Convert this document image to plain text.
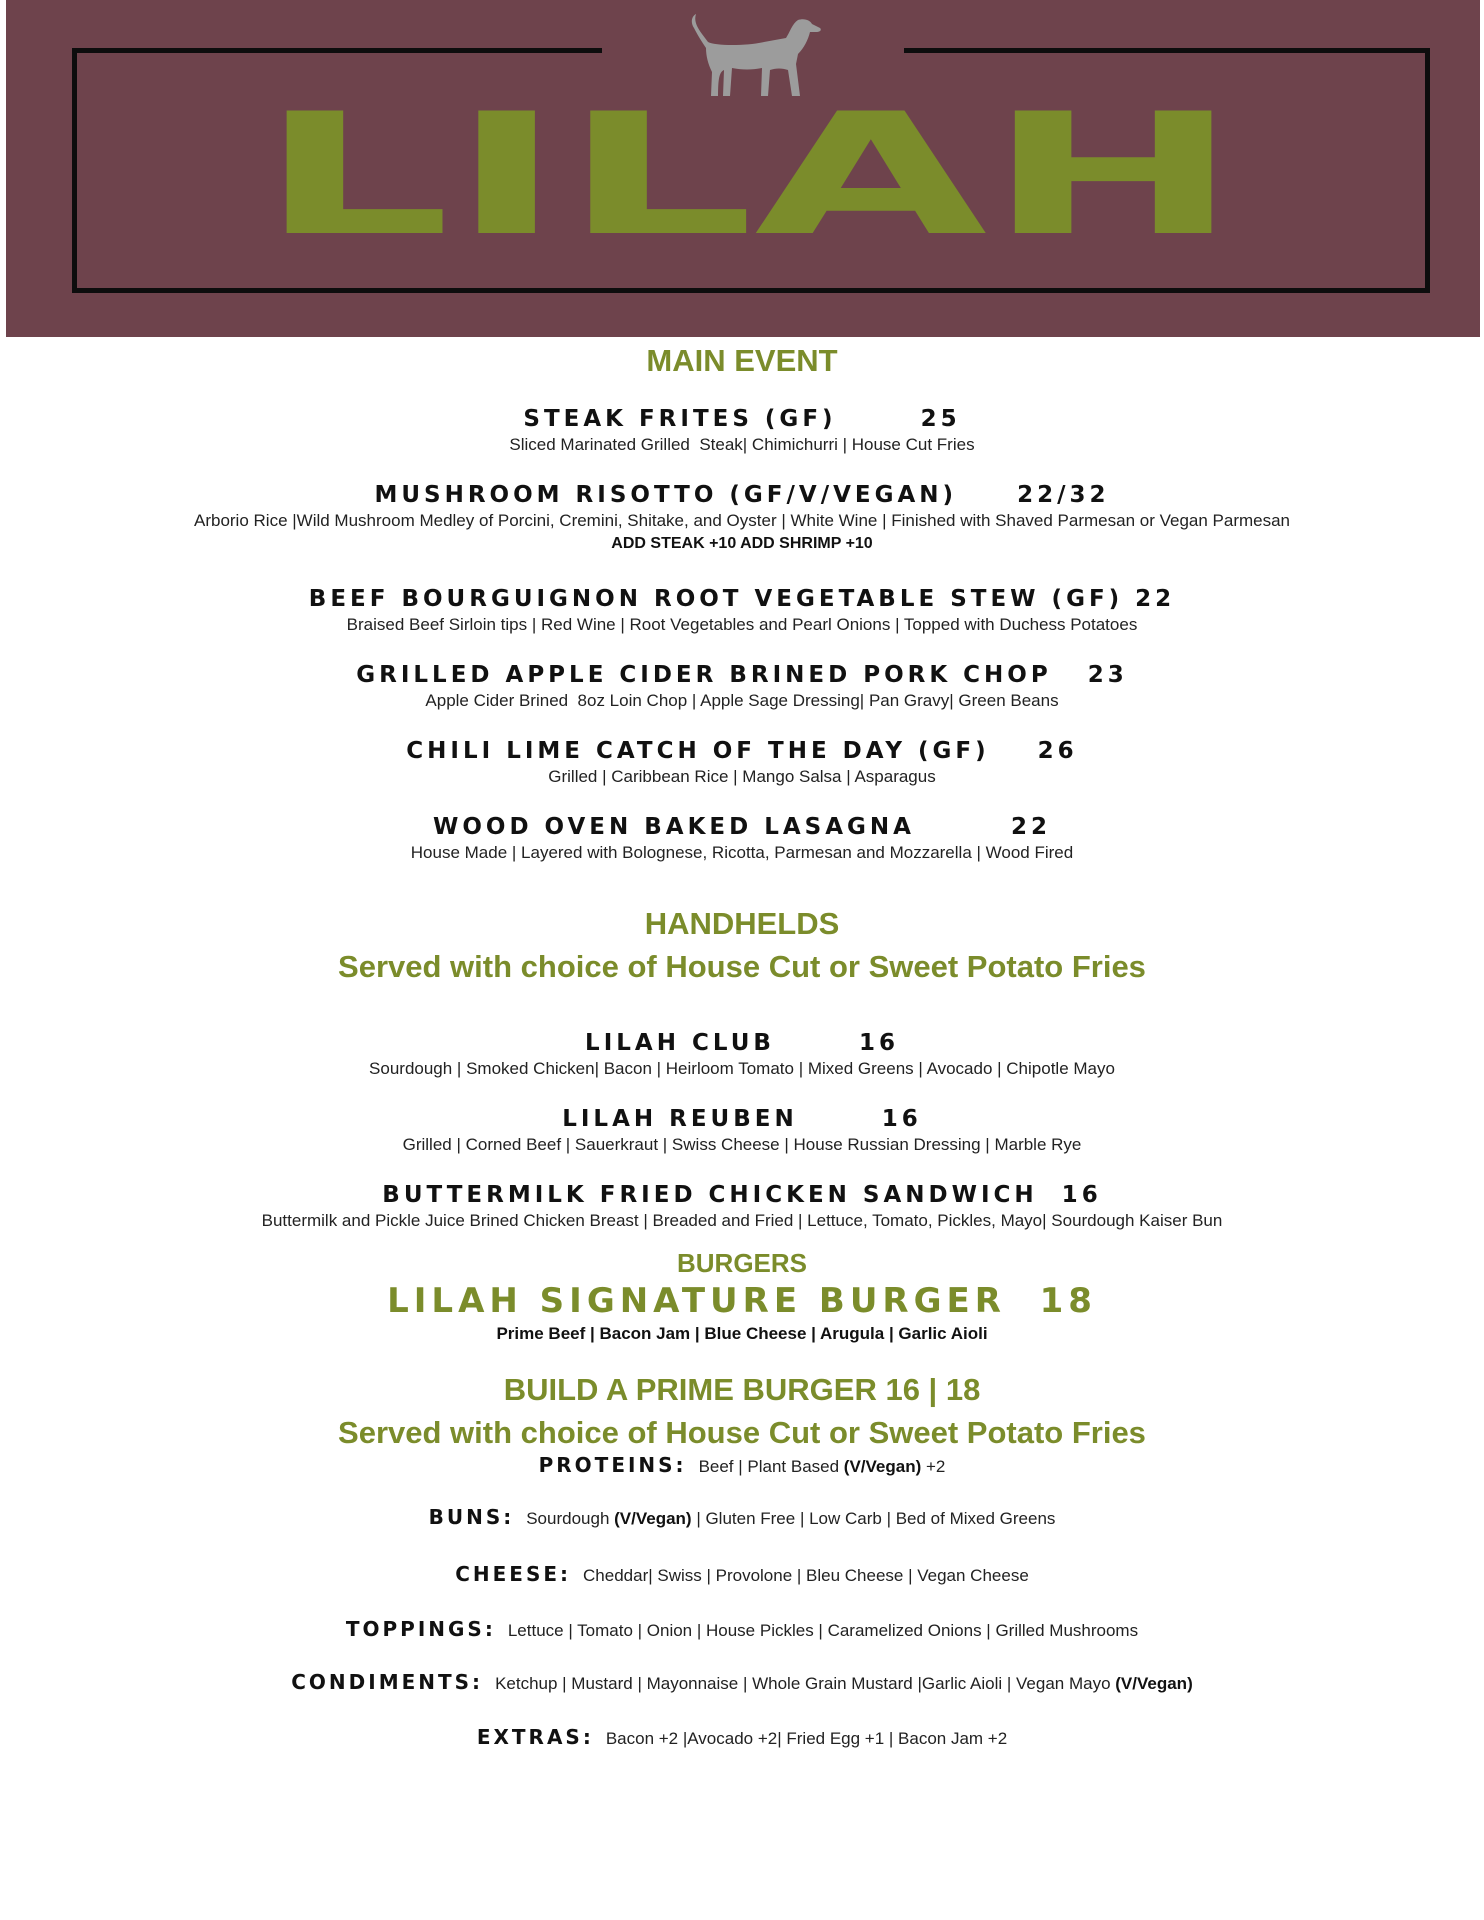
LILAH
MAIN EVENT

STEAK FRITES (GF)       25

Sliced Marinated Grilled  Steak| Chimichurri | House Cut Fries

MUSHROOM RISOTTO (GF/V/VEGAN)     22/32

Arborio Rice |Wild Mushroom Medley of Porcini, Cremini, Shitake, and Oyster | White Wine | Finished with Shaved Parmesan or Vegan Parmesan

ADD STEAK +10 ADD SHRIMP +10

BEEF BOURGUIGNON ROOT VEGETABLE STEW (GF) 22

Braised Beef Sirloin tips | Red Wine | Root Vegetables and Pearl Onions | Topped with Duchess Potatoes

GRILLED APPLE CIDER BRINED PORK CHOP   23

Apple Cider Brined  8oz Loin Chop | Apple Sage Dressing| Pan Gravy| Green Beans

CHILI LIME CATCH OF THE DAY (GF)    26

Grilled | Caribbean Rice | Mango Salsa | Asparagus

WOOD OVEN BAKED LASAGNA        22

House Made | Layered with Bolognese, Ricotta, Parmesan and Mozzarella | Wood Fired

HANDHELDS
Served with choice of House Cut or Sweet Potato Fries

LILAH CLUB       16

Sourdough | Smoked Chicken| Bacon | Heirloom Tomato | Mixed Greens | Avocado | Chipotle Mayo

LILAH REUBEN       16

Grilled | Corned Beef | Sauerkraut | Swiss Cheese | House Russian Dressing | Marble Rye

BUTTERMILK FRIED CHICKEN SANDWICH  16

Buttermilk and Pickle Juice Brined Chicken Breast | Breaded and Fried | Lettuce, Tomato, Pickles, Mayo| Sourdough Kaiser Bun

BURGERS

LILAH SIGNATURE BURGER  18

Prime Beef | Bacon Jam | Blue Cheese | Arugula | Garlic Aioli

BUILD A PRIME BURGER 16 | 18
Served with choice of House Cut or Sweet Potato Fries

PROTEINS: Beef | Plant Based (V/Vegan) +2

BUNS: Sourdough (V/Vegan) | Gluten Free | Low Carb | Bed of Mixed Greens

CHEESE: Cheddar| Swiss | Provolone | Bleu Cheese | Vegan Cheese

TOPPINGS: Lettuce | Tomato | Onion | House Pickles | Caramelized Onions | Grilled Mushrooms

CONDIMENTS: Ketchup | Mustard | Mayonnaise | Whole Grain Mustard |Garlic Aioli | Vegan Mayo (V/Vegan)

EXTRAS: Bacon +2 |Avocado +2| Fried Egg +1 | Bacon Jam +2
